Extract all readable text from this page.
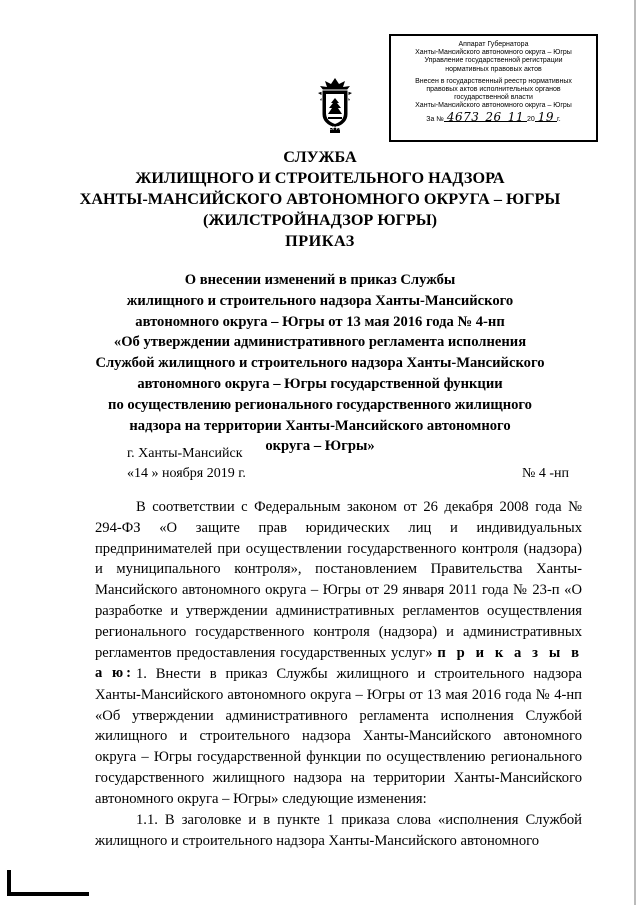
Аппарат Губернатора
Ханты-Мансийского автономного округа – Югры
Управление государственной регистрации
нормативных правовых актов
Внесен в государственный реестр нормативных
правовых актов исполнительных органов
государственной власти
Ханты-Мансийского автономного округа – Югры
За № 4673 26 11 20 19 г.
ЮГРА
СЛУЖБА
ЖИЛИЩНОГО И СТРОИТЕЛЬНОГО НАДЗОРА
ХАНТЫ-МАНСИЙСКОГО АВТОНОМНОГО ОКРУГА – ЮГРЫ
(ЖИЛСТРОЙНАДЗОР ЮГРЫ)
ПРИКАЗ
О внесении изменений в приказ Службы
жилищного и строительного надзора Ханты-Мансийского
автономного округа – Югры от 13 мая 2016 года № 4-нп
«Об утверждении административного регламента исполнения
Службой жилищного и строительного надзора Ханты-Мансийского
автономного округа – Югры государственной функции
по осуществлению регионального государственного жилищного
надзора на территории Ханты-Мансийского автономного
округа – Югры»
г. Ханты-Мансийск
«14 » ноября 2019 г.	№ 4 -нп
В соответствии с Федеральным законом от 26 декабря 2008 года № 294-ФЗ «О защите прав юридических лиц и индивидуальных предпринимателей при осуществлении государственного контроля (надзора) и муниципального контроля», постановлением Правительства Ханты-Мансийского автономного округа – Югры от 29 января 2011 года № 23-п «О разработке и утверждении административных регламентов осуществления регионального государственного контроля (надзора) и административных регламентов предоставления государственных услуг» п р и к а з ы в а ю: 1. Внести в приказ Службы жилищного и строительного надзора Ханты-Мансийского автономного округа – Югры от 13 мая 2016 года № 4-нп «Об утверждении административного регламента исполнения Службой жилищного и строительного надзора Ханты-Мансийского автономного округа – Югры государственной функции по осуществлению регионального государственного жилищного надзора на территории Ханты-Мансийского автономного округа – Югры» следующие изменения:
1.1. В заголовке и в пункте 1 приказа слова «исполнения Службой жилищного и строительного надзора Ханты-Мансийского автономного
